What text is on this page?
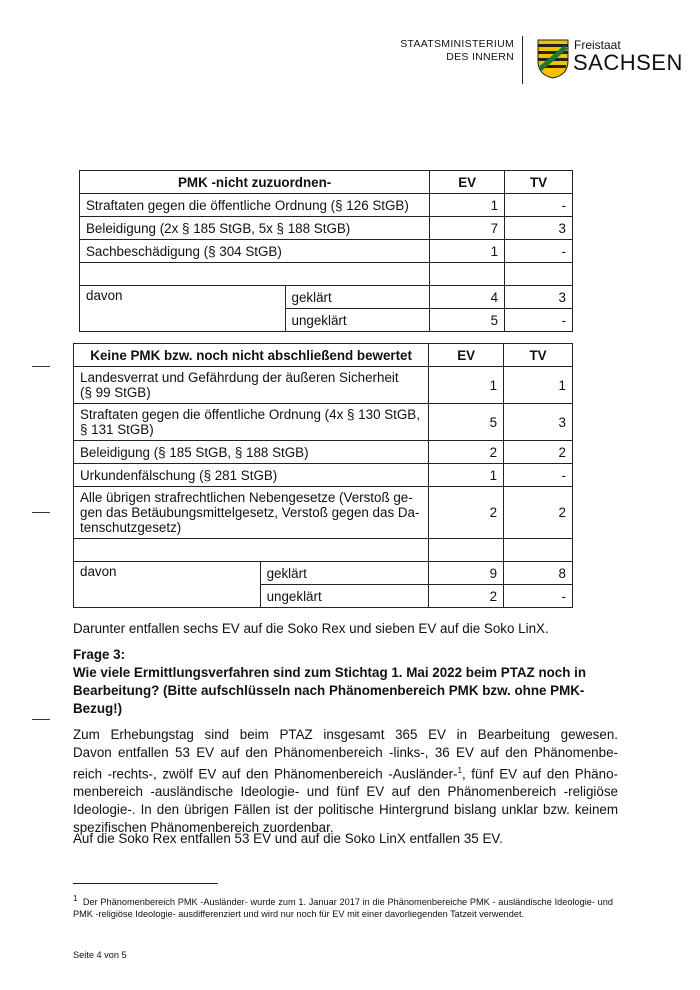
STAATSMINISTERIUM
DES INNERN
Freistaat
SACHSEN
PMK -nicht zuzuordnen-		EV	TV
Straftaten gegen die öffentliche Ordnung (§ 126 StGB)		1	-
Beleidigung (2x § 185 StGB, 5x § 188 StGB)		7	3
Sachbeschädigung (§ 304 StGB)		1	-

davon	geklärt	4	3
	ungeklärt	5	-
Keine PMK bzw. noch nicht abschließend bewertet		EV	TV

Landesverrat und Gefährdung der äußeren Sicherheit
(§ 99 StGB)		1	1

Straftaten gegen die öffentliche Ordnung (4x § 130 StGB,
§ 131 StGB)		5	3
Beleidigung (§ 185 StGB, § 188 StGB)		2	2
Urkundenfälschung (§ 281 StGB)		1	-

Alle übrigen strafrechtlichen Nebengesetze (Verstoß ge-
gen das Betäubungsmittelgesetz, Verstoß gegen das Da-
tenschutzgesetz)		2	2

davon	geklärt	9	8
	ungeklärt	2	-
Darunter entfallen sechs EV auf die Soko Rex und sieben EV auf die Soko LinX.
Frage 3:
Wie viele Ermittlungsverfahren sind zum Stichtag 1. Mai 2022 beim PTAZ noch in
Bearbeitung? (Bitte aufschlüsseln nach Phänomenbereich PMK bzw. ohne PMK-
Bezug!)
Zum Erhebungstag sind beim PTAZ insgesamt 365 EV in Bearbeitung gewesen.
Davon entfallen 53 EV auf den Phänomenbereich -links-, 36 EV auf den Phänomenbe-
reich -rechts-, zwölf EV auf den Phänomenbereich -Ausländer-$^1$, fünf EV auf den Phäno-
menbereich -ausländische Ideologie- und fünf EV auf den Phänomenbereich -religiöse
Ideologie-. In den übrigen Fällen ist der politische Hintergrund bislang unklar bzw. keinem
spezifischen Phänomenbereich zuordenbar.
Auf die Soko Rex entfallen 53 EV und auf die Soko LinX entfallen 35 EV.
$^1$ Der Phänomenbereich PMK -Ausländer- wurde zum 1. Januar 2017 in die Phänomenbereiche PMK - ausländische Ideologie- und PMK -religiöse Ideologie- ausdifferenziert und wird nur noch für EV mit einer davorliegenden Tatzeit verwendet.
Seite 4 von 5
